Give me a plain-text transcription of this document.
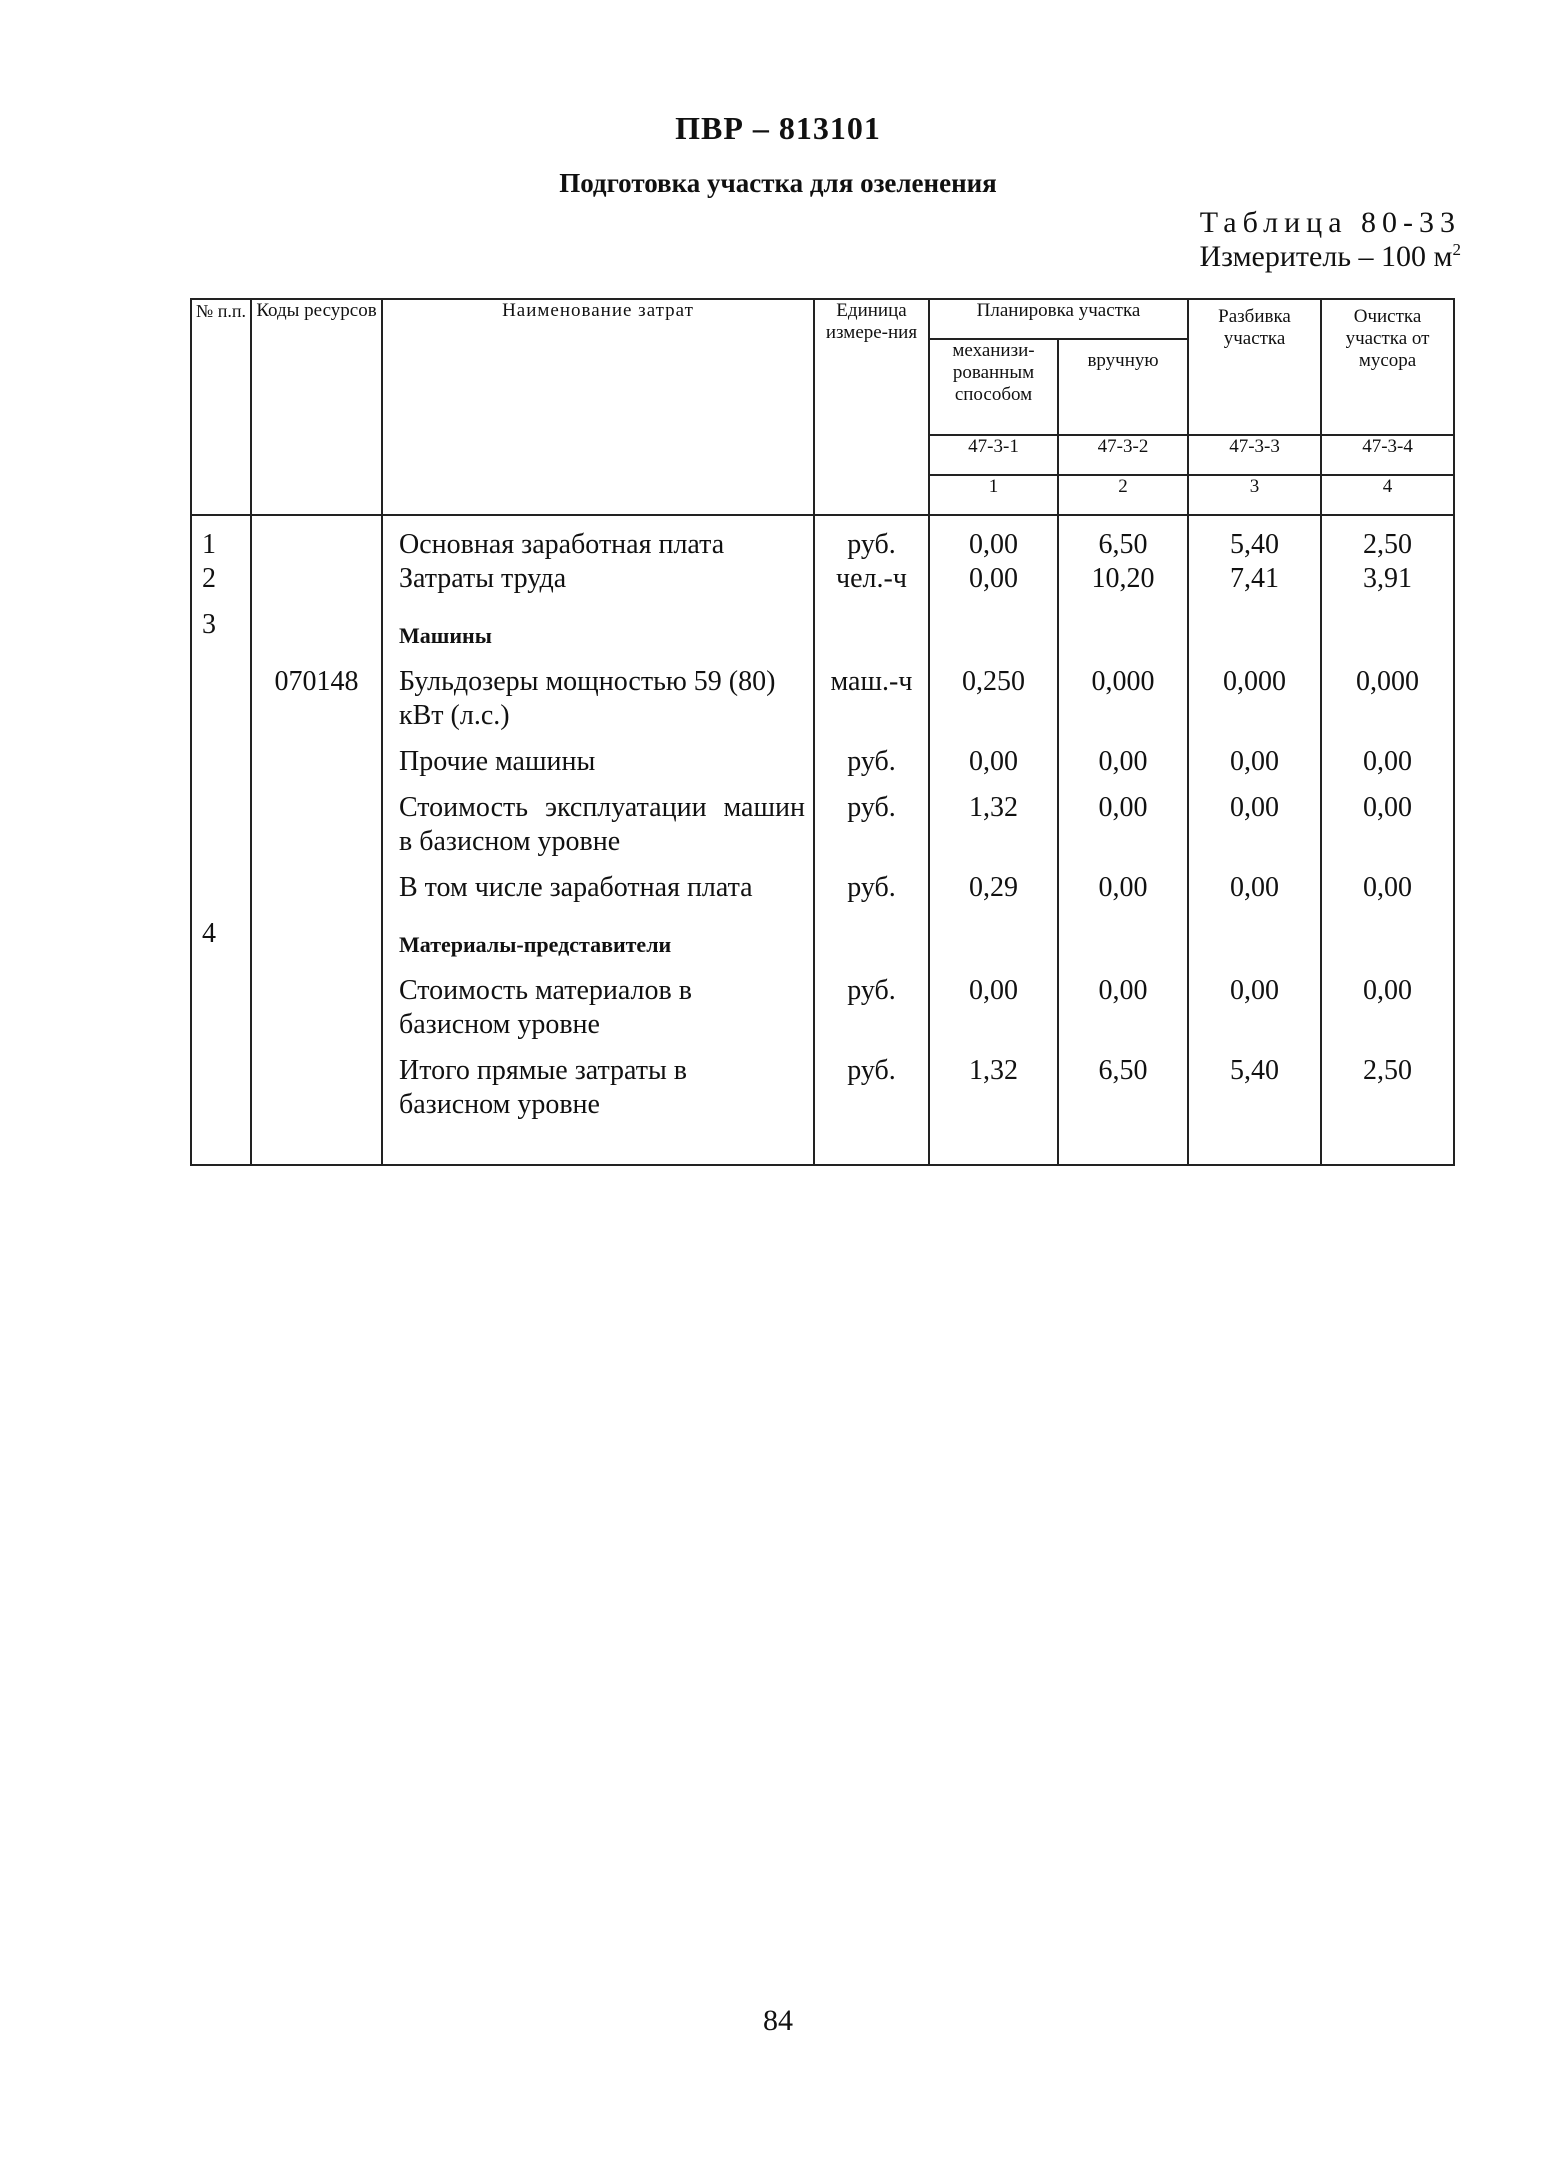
ПВР – 813101
Подготовка участка для озеленения
Таблица 80-33
Измеритель – 100 $м^2$
№ п.п.	Коды ресурсов	Наименование затрат	Единица измере-ния	Планировка участка		Разбивка участка	Очистка участка от мусора
				механизи-рованным способом	вручную		
				47-3-1	47-3-2	47-3-3	47-3-4
				1	2	3	4
1		Основная заработная плата	руб.	0,00	6,50	5,40	2,50
2		Затраты труда	чел.-ч	0,00	10,20	7,41	3,91
3		Машины					
	070148	Бульдозеры мощностью 59 (80) кВт (л.с.)	маш.-ч	0,250	0,000	0,000	0,000
		Прочие машины	руб.	0,00	0,00	0,00	0,00
		Стоимость эксплуатации машин в базисном уровне	руб.	1,32	0,00	0,00	0,00
		В том числе заработная плата	руб.	0,29	0,00	0,00	0,00
4		Материалы-представители					
		Стоимость материалов в базисном уровне	руб.	0,00	0,00	0,00	0,00
		Итого прямые затраты в базисном уровне	руб.	1,32	6,50	5,40	2,50

84
